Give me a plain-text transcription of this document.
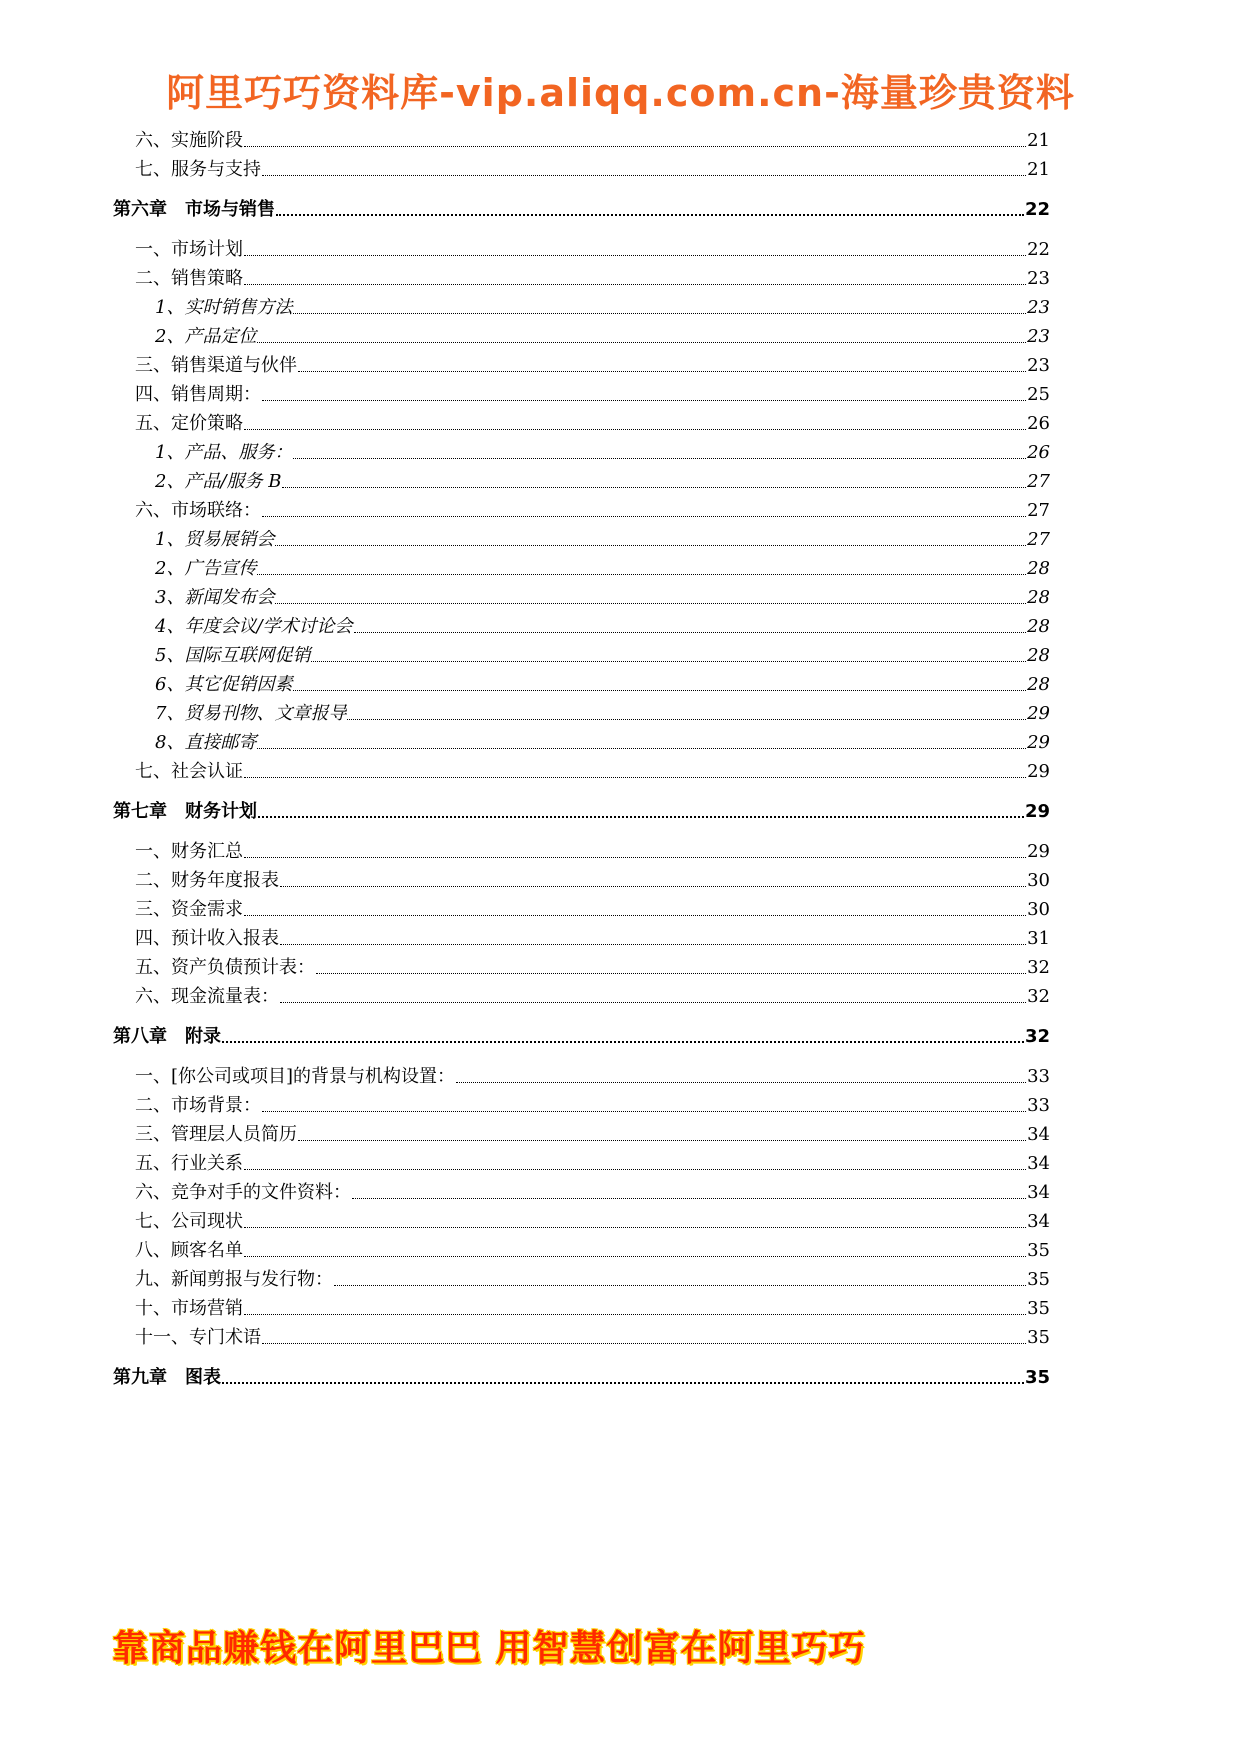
阿里巧巧资料库-vip.aliqq.com.cn-海量珍贵资料
六、实施阶段	21
七、服务与支持	21
第六章　市场与销售	22
一、市场计划	22
二、销售策略	23
1、实时销售方法	23
2、产品定位	23
三、销售渠道与伙伴	23
四、销售周期：	25
五、定价策略	26
1、产品、服务：	26
2、产品/服务 B	27
六、市场联络：	27
1、贸易展销会	27
2、广告宣传	28
3、新闻发布会	28
4、年度会议/学术讨论会	28
5、国际互联网促销	28
6、其它促销因素	28
7、贸易刊物、文章报导	29
8、直接邮寄	29
七、社会认证	29
第七章　财务计划	29
一、财务汇总	29
二、财务年度报表	30
三、资金需求	30
四、预计收入报表	31
五、资产负债预计表：	32
六、现金流量表：	32
第八章　附录	32
一、[你公司或项目]的背景与机构设置：	33
二、市场背景：	33
三、管理层人员简历	34
五、行业关系	34
六、竞争对手的文件资料：	34
七、公司现状	34
八、顾客名单	35
九、新闻剪报与发行物：	35
十、市场营销	35
十一、专门术语	35
第九章　图表	35
靠商品赚钱在阿里巴巴 用智慧创富在阿里巧巧
